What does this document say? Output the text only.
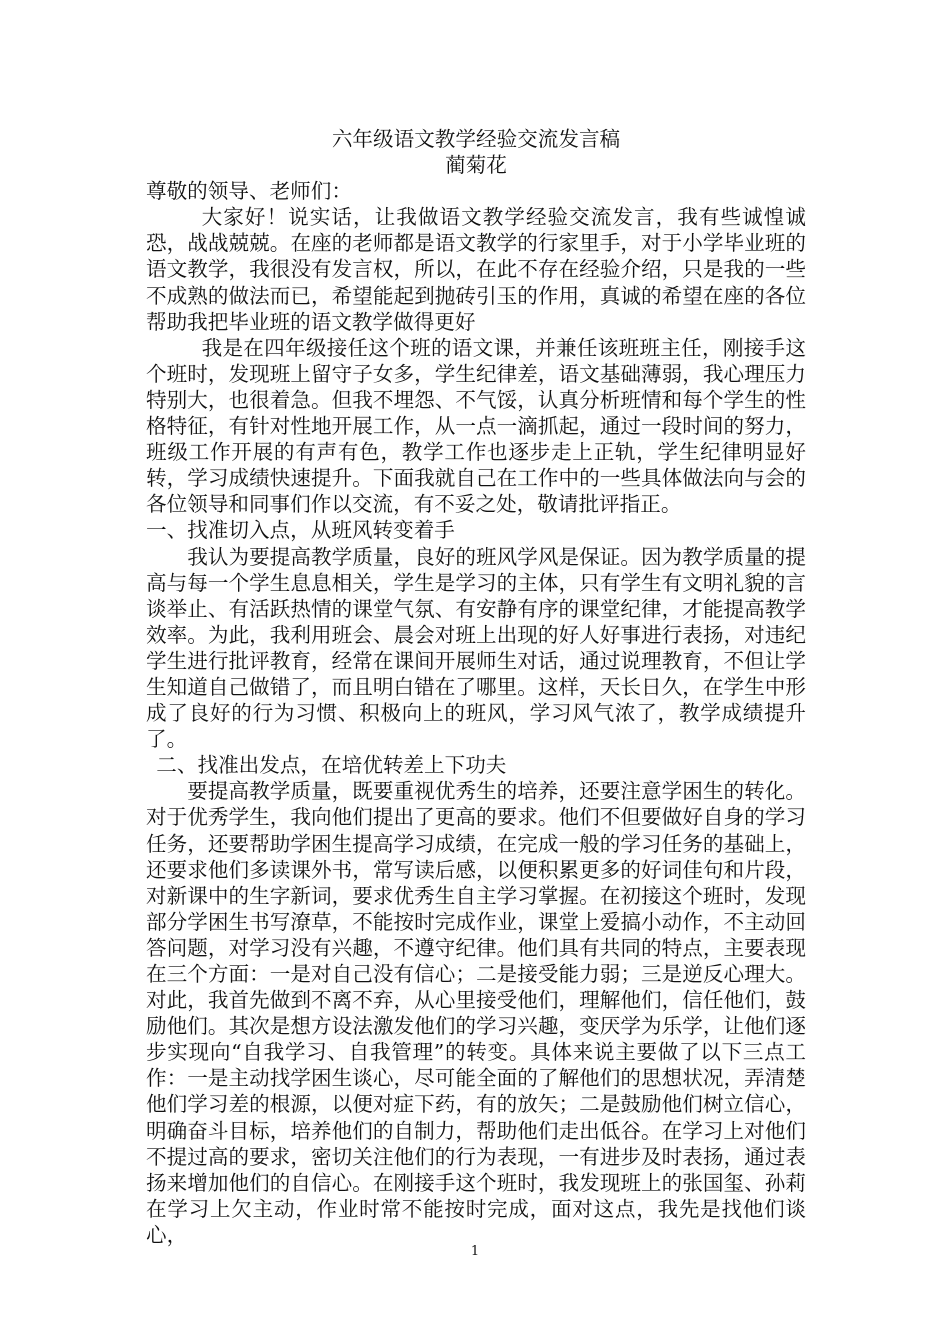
六年级语文教学经验交流发言稿
蔺菊花
尊敬的领导、老师们：

大家好！说实话，让我做语文教学经验交流发言，我有些诚惶诚恐，战战兢兢。在座的老师都是语文教学的行家里手，对于小学毕业班的语文教学，我很没有发言权，所以，在此不存在经验介绍，只是我的一些不成熟的做法而已，希望能起到抛砖引玉的作用，真诚的希望在座的各位帮助我把毕业班的语文教学做得更好

我是在四年级接任这个班的语文课，并兼任该班班主任，刚接手这个班时，发现班上留守子女多，学生纪律差，语文基础薄弱，我心理压力特别大，也很着急。但我不埋怨、不气馁，认真分析班情和每个学生的性格特征，有针对性地开展工作，从一点一滴抓起，通过一段时间的努力，班级工作开展的有声有色，教学工作也逐步走上正轨，学生纪律明显好转，学习成绩快速提升。下面我就自己在工作中的一些具体做法向与会的各位领导和同事们作以交流，有不妥之处，敬请批评指正。

一、找准切入点，从班风转变着手

我认为要提高教学质量，良好的班风学风是保证。因为教学质量的提高与每一个学生息息相关，学生是学习的主体，只有学生有文明礼貌的言谈举止、有活跃热情的课堂气氛、有安静有序的课堂纪律，才能提高教学效率。为此，我利用班会、晨会对班上出现的好人好事进行表扬，对违纪学生进行批评教育，经常在课间开展师生对话，通过说理教育，不但让学生知道自己做错了，而且明白错在了哪里。这样，天长日久，在学生中形成了良好的行为习惯、积极向上的班风，学习风气浓了，教学成绩提升了。

二、找准出发点，在培优转差上下功夫

要提高教学质量，既要重视优秀生的培养，还要注意学困生的转化。对于优秀学生，我向他们提出了更高的要求。他们不但要做好自身的学习任务，还要帮助学困生提高学习成绩，在完成一般的学习任务的基础上，还要求他们多读课外书，常写读后感，以便积累更多的好词佳句和片段，对新课中的生字新词，要求优秀生自主学习掌握。在初接这个班时，发现部分学困生书写潦草，不能按时完成作业，课堂上爱搞小动作，不主动回答问题，对学习没有兴趣，不遵守纪律。他们具有共同的特点，主要表现在三个方面：一是对自己没有信心；二是接受能力弱；三是逆反心理大。对此，我首先做到不离不弃，从心里接受他们，理解他们，信任他们，鼓励他们。其次是想方设法激发他们的学习兴趣，变厌学为乐学，让他们逐步实现向“自我学习、自我管理”的转变。具体来说主要做了以下三点工作：一是主动找学困生谈心，尽可能全面的了解他们的思想状况，弄清楚他们学习差的根源，以便对症下药，有的放矢；二是鼓励他们树立信心，明确奋斗目标，培养他们的自制力，帮助他们走出低谷。在学习上对他们不提过高的要求，密切关注他们的行为表现，一有进步及时表扬，通过表扬来增加他们的自信心。在刚接手这个班时，我发现班上的张国玺、孙莉在学习上欠主动，作业时常不能按时完成，面对这点，我先是找他们谈心，

1
